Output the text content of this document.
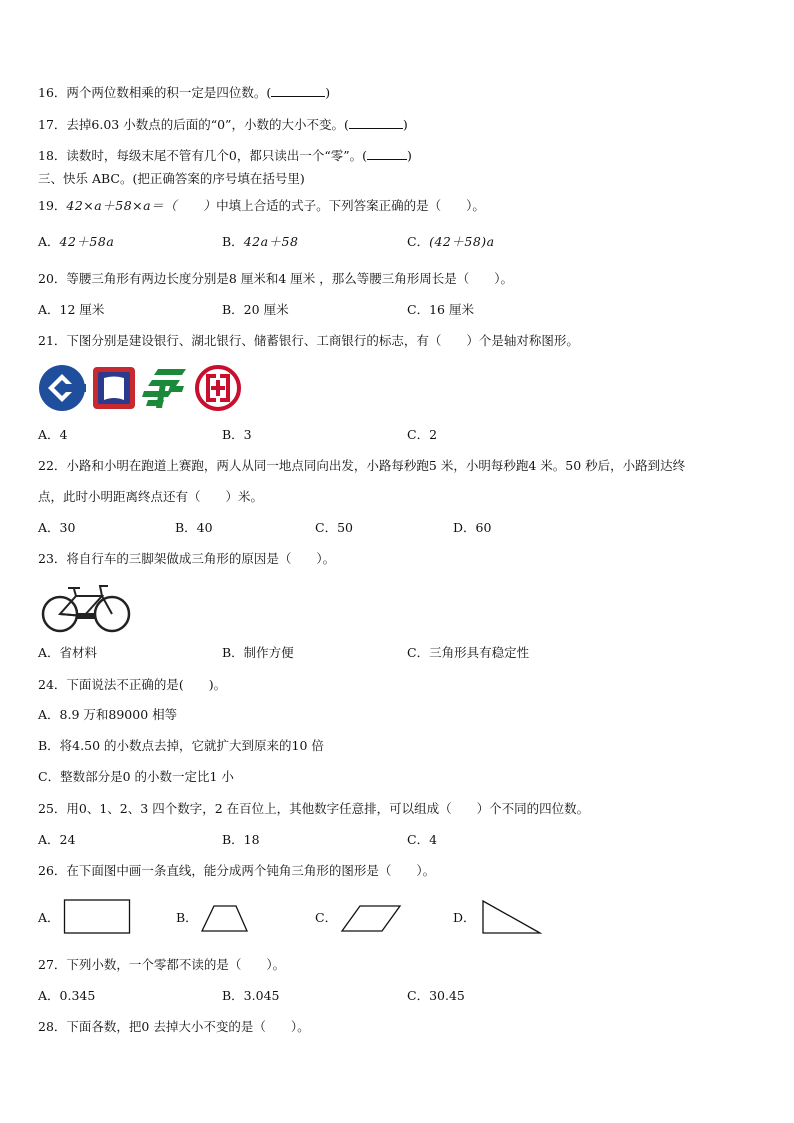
16．两个两位数相乘的积一定是四位数。(	)
17．去掉6.03 小数点的后面的“0”，小数的大小不变。(	)
18．读数时，每级末尾不管有几个0，都只读出一个“零”。(	)
三、快乐 ABC。(把正确答案的序号填在括号里)
19．42×a＋58×a＝（　　）中填上合适的式子。下列答案正确的是（　　）。
A．42＋58a	B．42a＋58	C．(42＋58)a
20．等腰三角形有两边长度分别是8 厘米和4 厘米 ，那么等腰三角形周长是（　　）。
A．12 厘米	B．20 厘米	C．16 厘米
21．下图分别是建设银行、湖北银行、储蓄银行、工商银行的标志，有（　　）个是轴对称图形。
A．4	B．3	C．2
22．小路和小明在跑道上赛跑，两人从同一地点同向出发，小路每秒跑5 米，小明每秒跑4 米。50 秒后，小路到达终
点，此时小明距离终点还有（　　）米。
A．30	B．40	C．50	D．60
23．将自行车的三脚架做成三角形的原因是（　　）。
A．省材料	B．制作方便	C．三角形具有稳定性
24．下面说法不正确的是(　　)。
A．8.9 万和89000 相等
B．将4.50 的小数点去掉，它就扩大到原来的10 倍
C．整数部分是0 的小数一定比1 小
25．用0、1、2、3 四个数字，2 在百位上，其他数字任意排，可以组成（　　）个不同的四位数。
A．24	B．18	C．4
26．在下面图中画一条直线，能分成两个钝角三角形的图形是（　　）。
A．	B．	C．	D．
27．下列小数，一个零都不读的是（　　）。
A．0.345	B．3.045	C．30.45
28．下面各数，把0 去掉大小不变的是（　　）。
